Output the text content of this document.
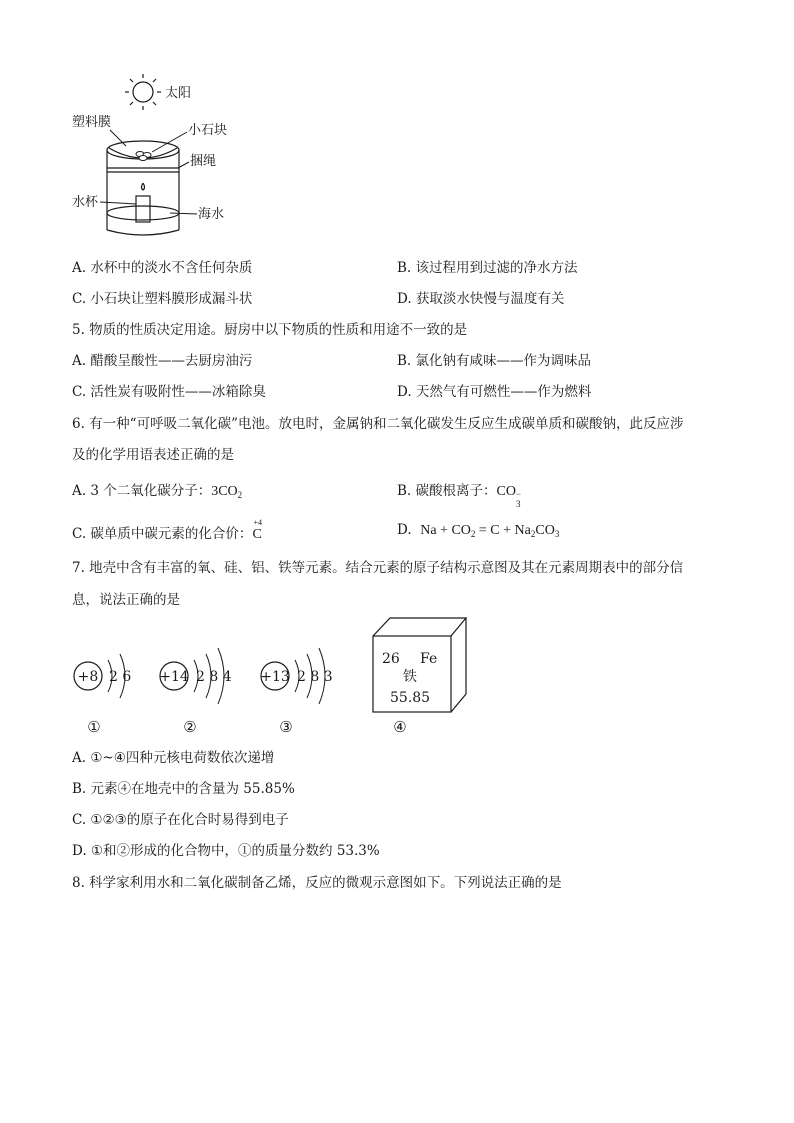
太阳
塑料膜
小石块
捆绳
水杯
海水
A. 水杯中的淡水不含任何杂质	B. 该过程用到过滤的净水方法
C. 小石块让塑料膜形成漏斗状	D. 获取淡水快慢与温度有关
5. 物质的性质决定用途。厨房中以下物质的性质和用途不一致的是
A. 醋酸呈酸性——去厨房油污	B. 氯化钠有咸味——作为调味品
C. 活性炭有吸附性——冰箱除臭	D. 天然气有可燃性——作为燃料
6. 有一种“可呼吸二氧化碳”电池。放电时，金属钠和二氧化碳发生反应生成碳单质和碳酸钠，此反应涉
及的化学用语表述正确的是
A. 3 个二氧化碳分子：$3CO_2$	B. 碳酸根离子：CO −
3
C. 碳单质中碳元素的化合价：
+4
C	D. $Na + CO_2 = C + Na_2CO_3$
7. 地壳中含有丰富的氧、硅、铝、铁等元素。结合元素的原子结构示意图及其在元素周期表中的部分信
息，说法正确的是
+8 2 6
①
+14 2 8 4
②
+13 2 8 3
③
26 Fe
铁
55.85
④
A. ①~④四种元核电荷数依次递增
B. 元素④在地壳中的含量为 55.85%
C. ①②③的原子在化合时易得到电子
D. ①和②形成的化合物中，①的质量分数约 53.3%
8. 科学家利用水和二氧化碳制备乙烯，反应的微观示意图如下。下列说法正确的是
